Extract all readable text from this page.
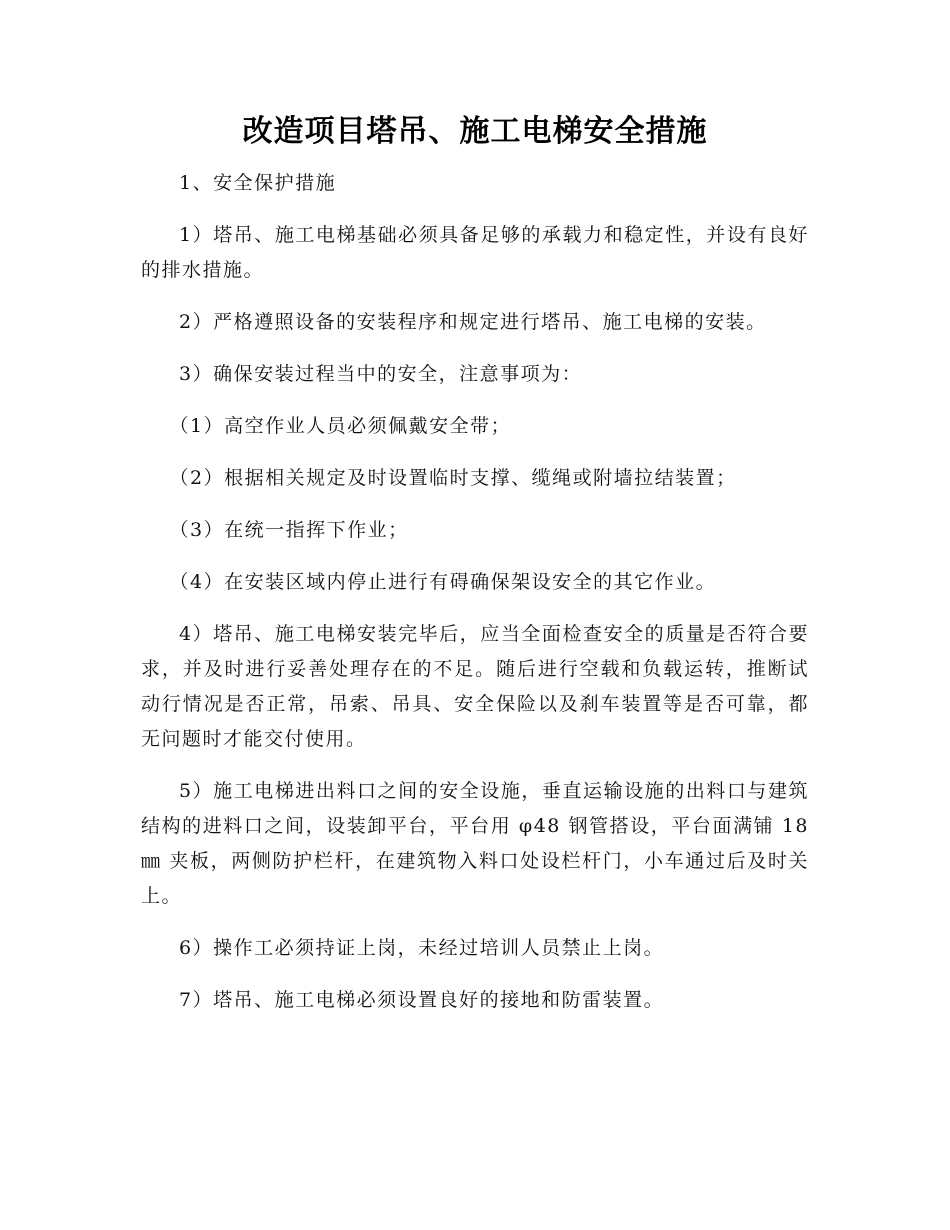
改造项目塔吊、施工电梯安全措施

1、安全保护措施

1）塔吊、施工电梯基础必须具备足够的承载力和稳定性，并设有良好的排水措施。

2）严格遵照设备的安装程序和规定进行塔吊、施工电梯的安装。

3）确保安装过程当中的安全，注意事项为：

（1）高空作业人员必须佩戴安全带；

（2）根据相关规定及时设置临时支撑、缆绳或附墙拉结装置；

（3）在统一指挥下作业；

（4）在安装区域内停止进行有碍确保架设安全的其它作业。

4）塔吊、施工电梯安装完毕后，应当全面检查安全的质量是否符合要求，并及时进行妥善处理存在的不足。随后进行空载和负载运转，推断试动行情况是否正常，吊索、吊具、安全保险以及刹车装置等是否可靠，都无问题时才能交付使用。

5）施工电梯进出料口之间的安全设施，垂直运输设施的出料口与建筑结构的进料口之间，设装卸平台，平台用 φ48 钢管搭设，平台面满铺 18㎜ 夹板，两侧防护栏杆，在建筑物入料口处设栏杆门，小车通过后及时关上。

6）操作工必须持证上岗，未经过培训人员禁止上岗。

7）塔吊、施工电梯必须设置良好的接地和防雷装置。
